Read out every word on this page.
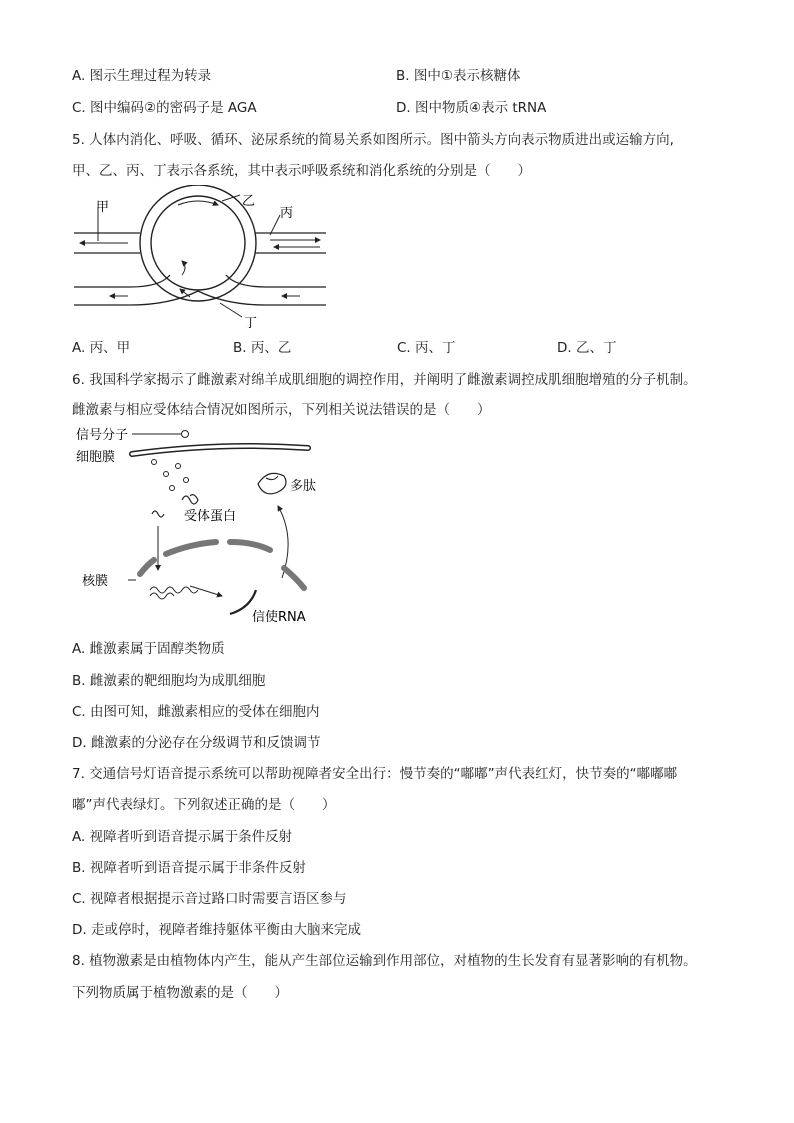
A. 图示生理过程为转录	B. 图中①表示核糖体
C. 图中编码②的密码子是 AGA	D. 图中物质④表示 tRNA
5. 人体内消化、呼吸、循环、泌尿系统的简易关系如图所示。图中箭头方向表示物质进出或运输方向,
甲、乙、丙、丁表示各系统，其中表示呼吸系统和消化系统的分别是（　　）
甲	乙
丙
丁
A. 丙、甲	B. 丙、乙	C. 丙、丁	D. 乙、丁
6. 我国科学家揭示了雌激素对绵羊成肌细胞的调控作用，并阐明了雌激素调控成肌细胞增殖的分子机制。
雌激素与相应受体结合情况如图所示，下列相关说法错误的是（　　）
信号分子
细胞膜
多肽
受体蛋白
核膜
信使RNA
A. 雌激素属于固醇类物质
B. 雌激素的靶细胞均为成肌细胞
C. 由图可知，雌激素相应的受体在细胞内
D. 雌激素的分泌存在分级调节和反馈调节
7. 交通信号灯语音提示系统可以帮助视障者安全出行：慢节奏的“嘟嘟”声代表红灯，快节奏的“嘟嘟嘟
嘟”声代表绿灯。下列叙述正确的是（　　）
A. 视障者听到语音提示属于条件反射
B. 视障者听到语音提示属于非条件反射
C. 视障者根据提示音过路口时需要言语区参与
D. 走或停时，视障者维持躯体平衡由大脑来完成
8. 植物激素是由植物体内产生，能从产生部位运输到作用部位，对植物的生长发育有显著影响的有机物。
下列物质属于植物激素的是（　　）
